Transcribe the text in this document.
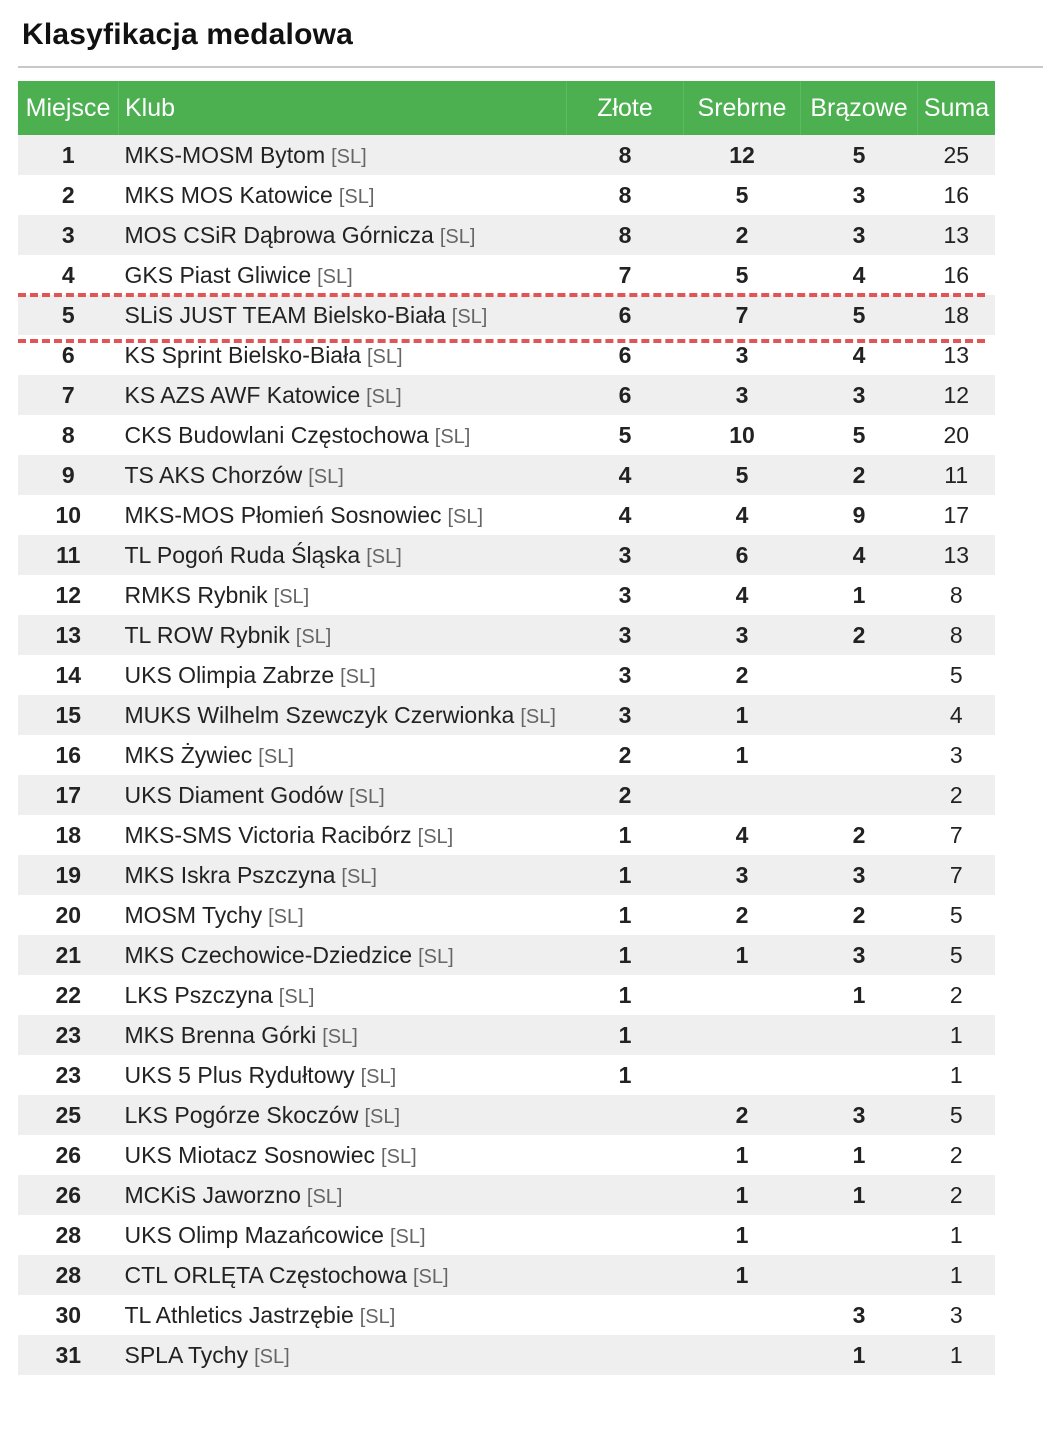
Klasyfikacja medalowa
Miejsce	Klub	Złote	Srebrne	Brązowe	Suma
1	MKS-MOSM Bytom [SL]	8	12	5	25
2	MKS MOS Katowice [SL]	8	5	3	16
3	MOS CSiR Dąbrowa Górnicza [SL]	8	2	3	13
4	GKS Piast Gliwice [SL]	7	5	4	16
5	SLiS JUST TEAM Bielsko-Biała [SL]	6	7	5	18
6	KS Sprint Bielsko-Biała [SL]	6	3	4	13
7	KS AZS AWF Katowice [SL]	6	3	3	12
8	CKS Budowlani Częstochowa [SL]	5	10	5	20
9	TS AKS Chorzów [SL]	4	5	2	11
10	MKS-MOS Płomień Sosnowiec [SL]	4	4	9	17
11	TL Pogoń Ruda Śląska [SL]	3	6	4	13
12	RMKS Rybnik [SL]	3	4	1	8
13	TL ROW Rybnik [SL]	3	3	2	8
14	UKS Olimpia Zabrze [SL]	3	2		5
15	MUKS Wilhelm Szewczyk Czerwionka [SL]	3	1		4
16	MKS Żywiec [SL]	2	1		3
17	UKS Diament Godów [SL]	2			2
18	MKS-SMS Victoria Racibórz [SL]	1	4	2	7
19	MKS Iskra Pszczyna [SL]	1	3	3	7
20	MOSM Tychy [SL]	1	2	2	5
21	MKS Czechowice-Dziedzice [SL]	1	1	3	5
22	LKS Pszczyna [SL]	1		1	2
23	MKS Brenna Górki [SL]	1			1
23	UKS 5 Plus Rydułtowy [SL]	1			1
25	LKS Pogórze Skoczów [SL]		2	3	5
26	UKS Miotacz Sosnowiec [SL]		1	1	2
26	MCKiS Jaworzno [SL]		1	1	2
28	UKS Olimp Mazańcowice [SL]		1		1
28	CTL ORLĘTA Częstochowa [SL]		1		1
30	TL Athletics Jastrzębie [SL]			3	3
31	SPLA Tychy [SL]			1	1
